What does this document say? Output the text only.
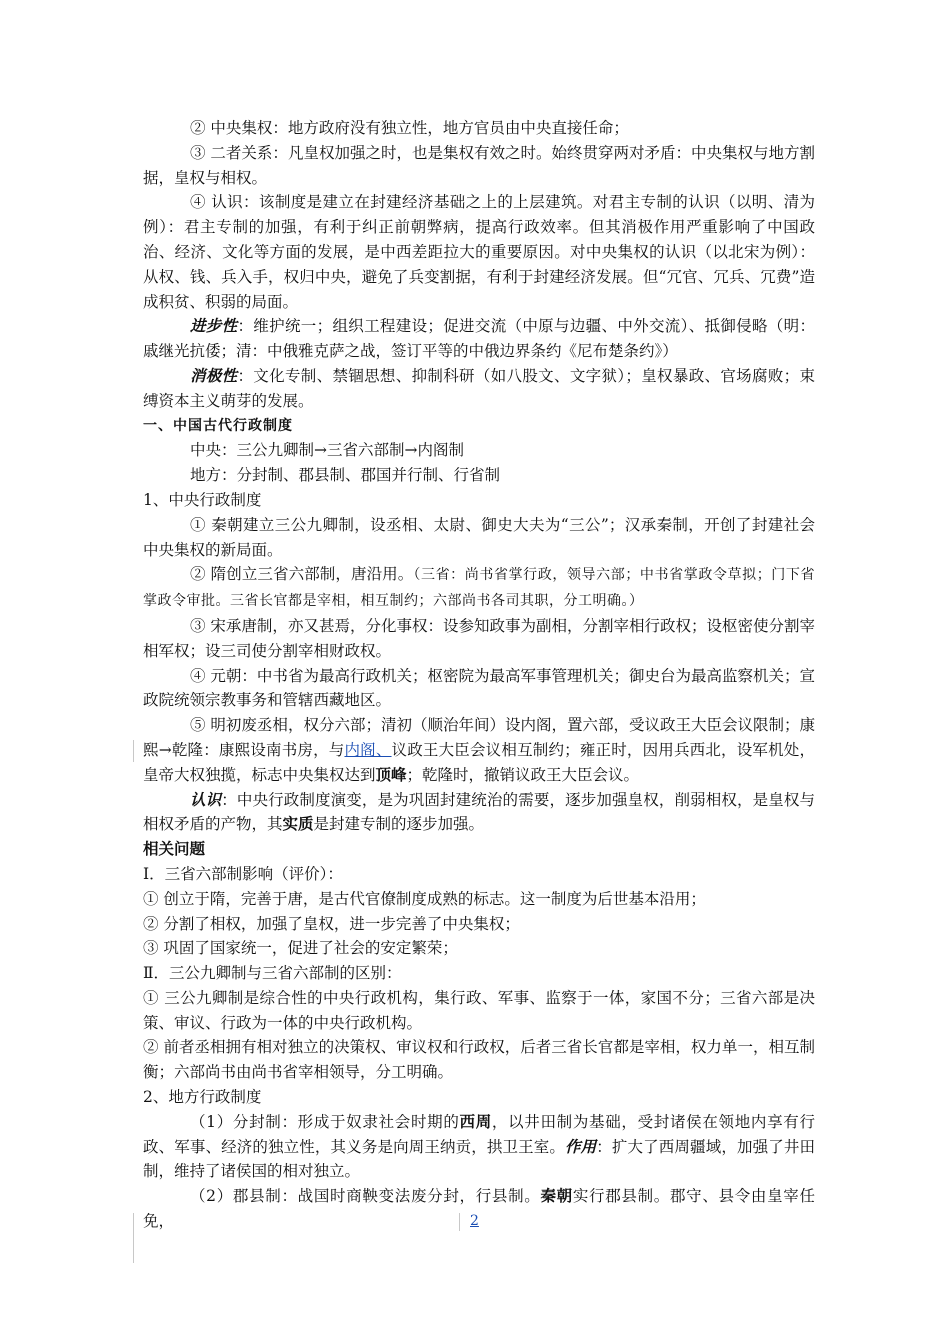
② 中央集权：地方政府没有独立性，地方官员由中央直接任命；

③ 二者关系：凡皇权加强之时，也是集权有效之时。始终贯穿两对矛盾：中央集权与地方割据，皇权与相权。

④ 认识：该制度是建立在封建经济基础之上的上层建筑。对君主专制的认识（以明、清为例）：君主专制的加强，有利于纠正前朝弊病，提高行政效率。但其消极作用严重影响了中国政治、经济、文化等方面的发展，是中西差距拉大的重要原因。对中央集权的认识（以北宋为例）：从权、钱、兵入手，权归中央，避免了兵变割据，有利于封建经济发展。但“冗官、冗兵、冗费”造成积贫、积弱的局面。

进步性：维护统一；组织工程建设；促进交流（中原与边疆、中外交流）、抵御侵略（明：戚继光抗倭；清：中俄雅克萨之战，签订平等的中俄边界条约《尼布楚条约》）

消极性：文化专制、禁锢思想、抑制科研（如八股文、文字狱）；皇权暴政、官场腐败；束缚资本主义萌芽的发展。

一、中国古代行政制度

中央：三公九卿制→三省六部制→内阁制

地方：分封制、郡县制、郡国并行制、行省制

1、中央行政制度

① 秦朝建立三公九卿制，设丞相、太尉、御史大夫为“三公”；汉承秦制，开创了封建社会中央集权的新局面。

② 隋创立三省六部制，唐沿用。（三省：尚书省掌行政，领导六部；中书省掌政令草拟；门下省掌政令审批。三省长官都是宰相，相互制约；六部尚书各司其职，分工明确。）

③ 宋承唐制，亦又甚焉，分化事权：设参知政事为副相，分割宰相行政权；设枢密使分割宰相军权；设三司使分割宰相财政权。

④ 元朝：中书省为最高行政机关；枢密院为最高军事管理机关；御史台为最高监察机关；宣政院统领宗教事务和管辖西藏地区。

⑤ 明初废丞相，权分六部；清初（顺治年间）设内阁，置六部，受议政王大臣会议限制；康熙→乾隆：康熙设南书房，与内阁、议政王大臣会议相互制约；雍正时，因用兵西北，设军机处，皇帝大权独揽，标志中央集权达到顶峰；乾隆时，撤销议政王大臣会议。

认识：中央行政制度演变，是为巩固封建统治的需要，逐步加强皇权，削弱相权，是皇权与相权矛盾的产物，其实质是封建专制的逐步加强。

相关问题

Ⅰ．三省六部制影响（评价）：

① 创立于隋，完善于唐，是古代官僚制度成熟的标志。这一制度为后世基本沿用；

② 分割了相权，加强了皇权，进一步完善了中央集权；

③ 巩固了国家统一，促进了社会的安定繁荣；

Ⅱ．三公九卿制与三省六部制的区别：

① 三公九卿制是综合性的中央行政机构，集行政、军事、监察于一体，家国不分；三省六部是决策、审议、行政为一体的中央行政机构。

② 前者丞相拥有相对独立的决策权、审议权和行政权，后者三省长官都是宰相，权力单一，相互制衡；六部尚书由尚书省宰相领导，分工明确。

2、地方行政制度

（1）分封制：形成于奴隶社会时期的西周，以井田制为基础，受封诸侯在领地内享有行政、军事、经济的独立性，其义务是向周王纳贡，拱卫王室。作用：扩大了西周疆域，加强了井田制，维持了诸侯国的相对独立。

（2）郡县制：战国时商鞅变法废分封，行县制。秦朝实行郡县制。郡守、县令由皇宰任免，	2
